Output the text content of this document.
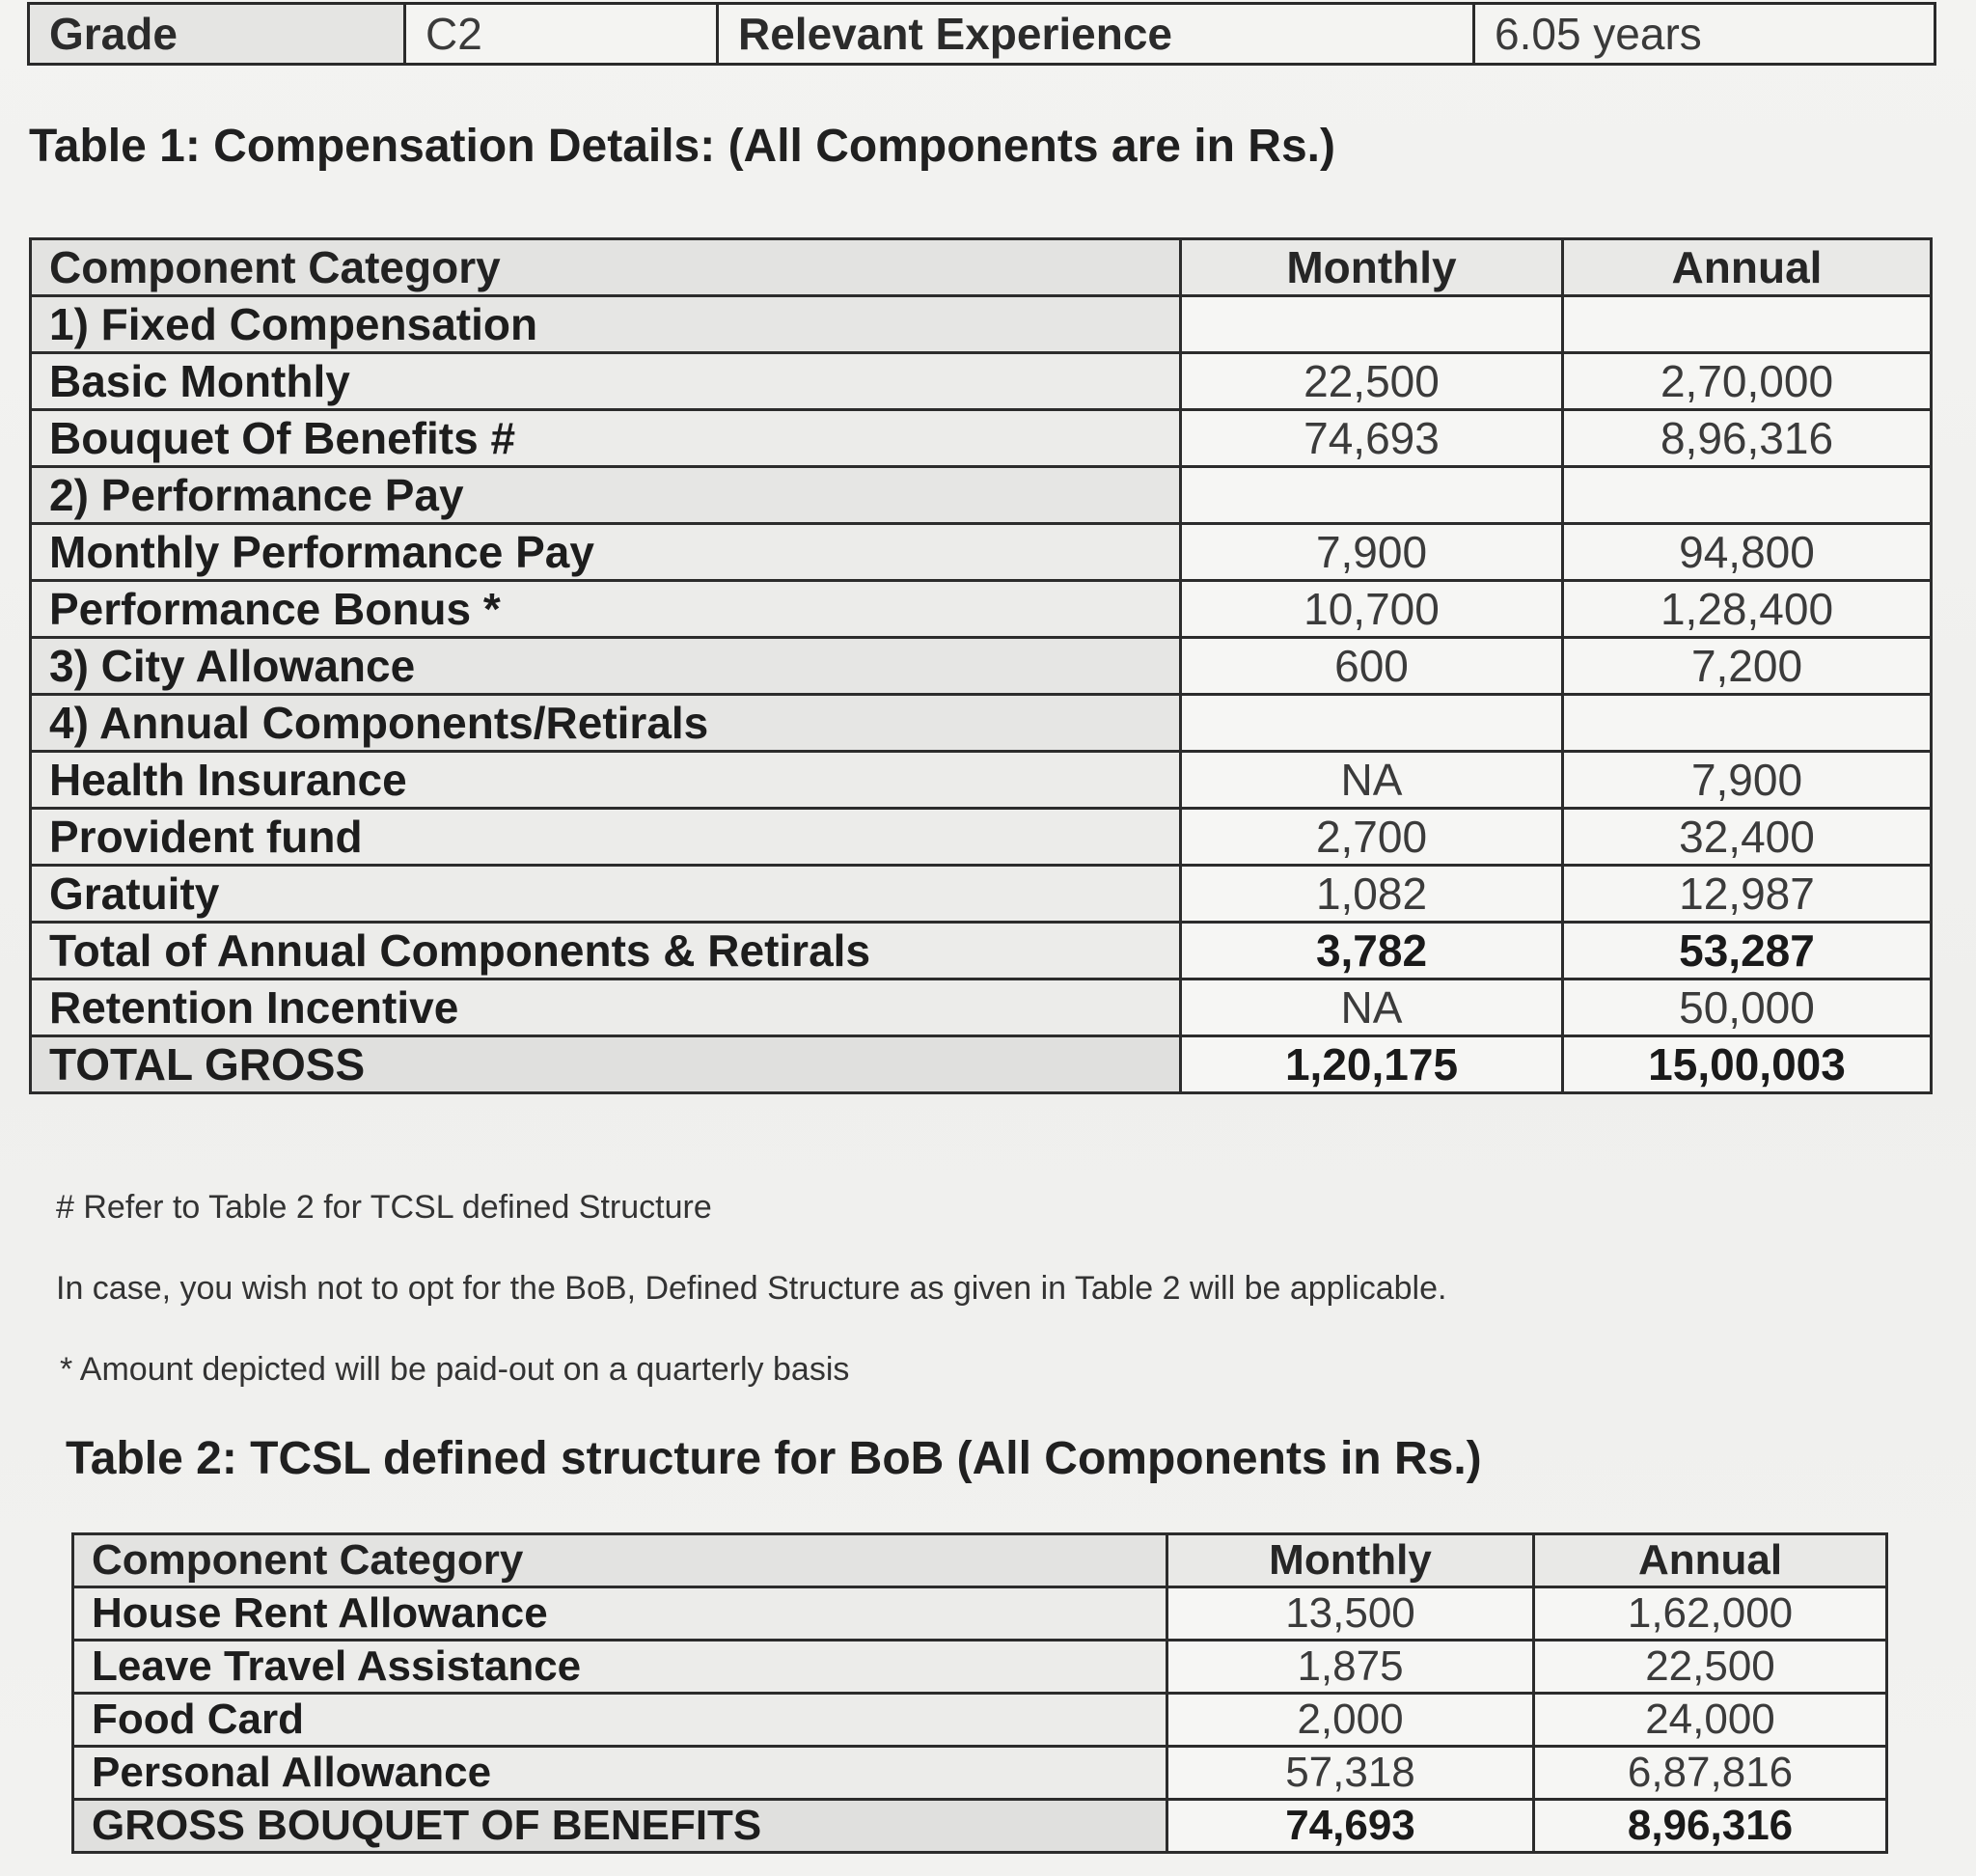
Grade	C2	Relevant Experience	6.05 years
Table 1: Compensation Details: (All Components are in Rs.)
Component Category	Monthly	Annual
1) Fixed Compensation		
Basic Monthly	22,500	2,70,000
Bouquet Of Benefits #	74,693	8,96,316
2) Performance Pay		
Monthly Performance Pay	7,900	94,800
Performance Bonus *	10,700	1,28,400
3) City Allowance	600	7,200
4) Annual Components/Retirals		
Health Insurance	NA	7,900
Provident fund	2,700	32,400
Gratuity	1,082	12,987
Total of Annual Components & Retirals	3,782	53,287
Retention Incentive	NA	50,000
TOTAL GROSS	1,20,175	15,00,003
# Refer to Table 2 for TCSL defined Structure
In case, you wish not to opt for the BoB, Defined Structure as given in Table 2 will be applicable.
* Amount depicted will be paid-out on a quarterly basis
Table 2: TCSL defined structure for BoB (All Components in Rs.)
Component Category	Monthly	Annual
House Rent Allowance	13,500	1,62,000
Leave Travel Assistance	1,875	22,500
Food Card	2,000	24,000
Personal Allowance	57,318	6,87,816
GROSS BOUQUET OF BENEFITS	74,693	8,96,316
